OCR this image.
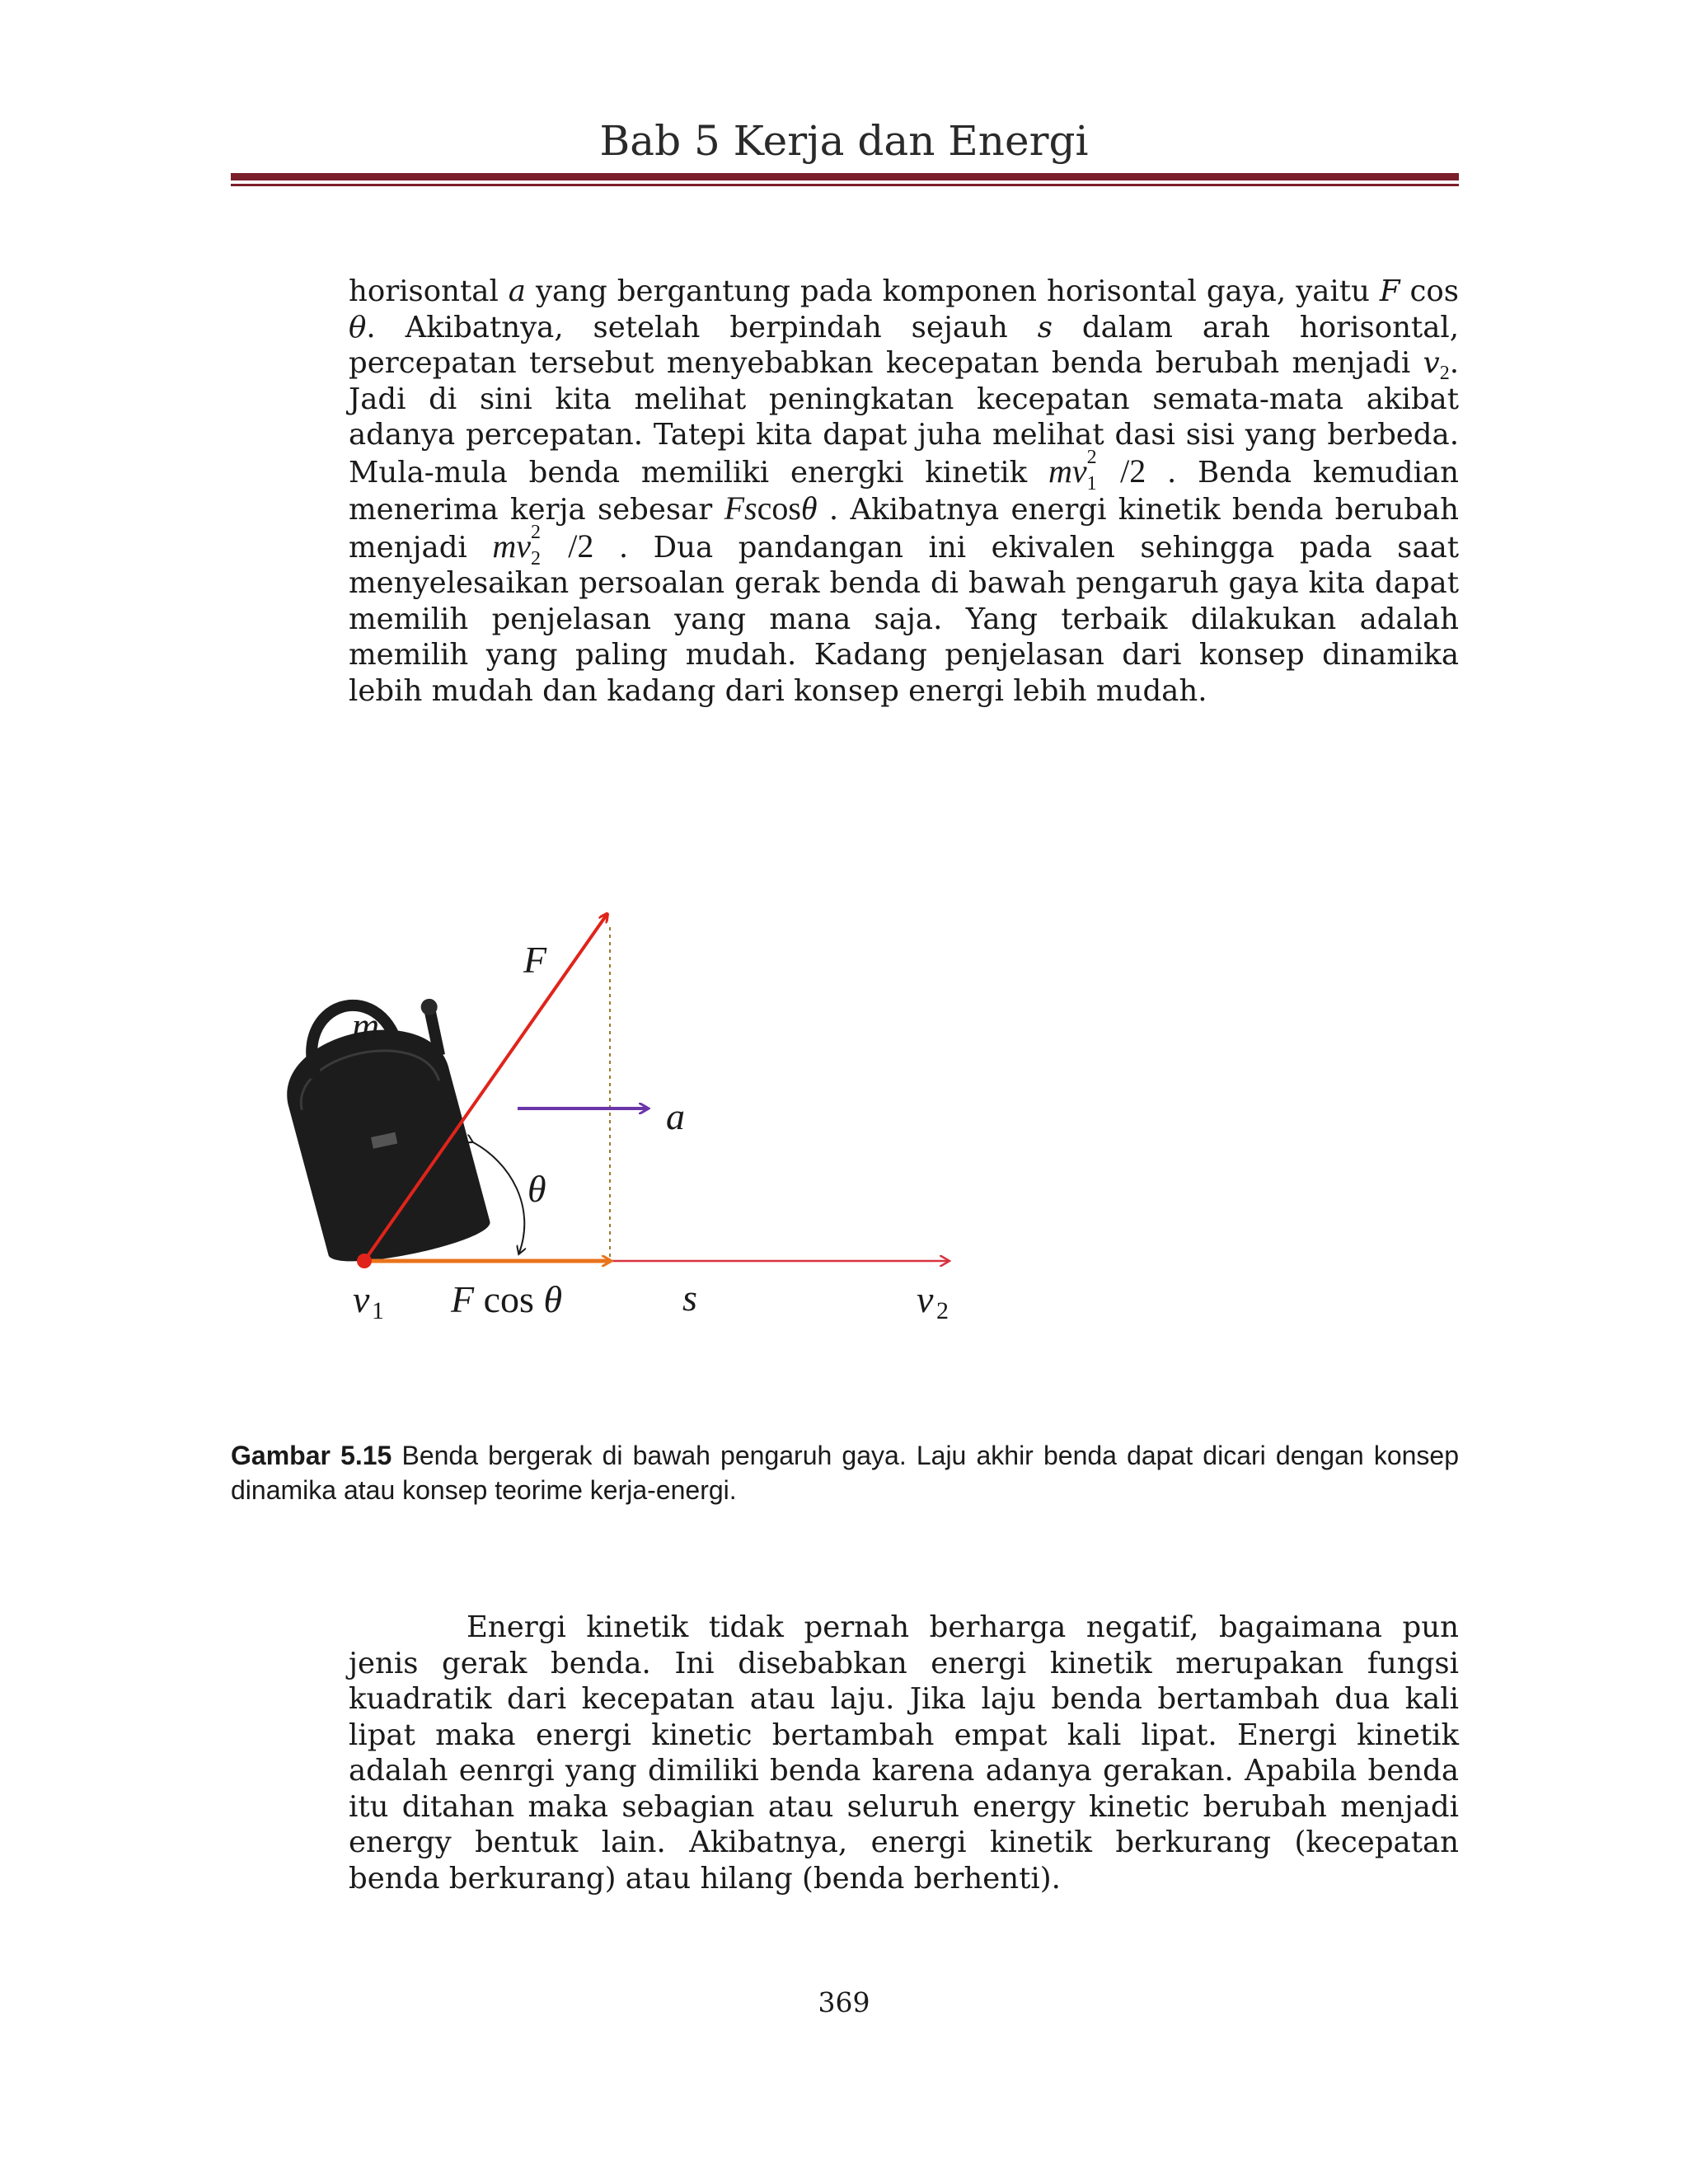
Bab 5 Kerja dan Energi
horisontal a yang bergantung pada komponen horisontal gaya, yaitu F cos θ. Akibatnya, setelah berpindah sejauh s dalam arah horisontal, percepatan tersebut menyebabkan kecepatan benda berubah menjadi $v_2$. Jadi di sini kita melihat peningkatan kecepatan semata-mata akibat adanya percepatan. Tatepi kita dapat juha melihat dasi sisi yang berbeda. Mula-mula benda memiliki energki kinetik mv 2
1 /2 . Benda kemudian menerima kerja sebesar Fscosθ . Akibatnya energi kinetik benda berubah menjadi mv 2
2 /2 . Dua pandangan ini ekivalen sehingga pada saat menyelesaikan persoalan gerak benda di bawah pengaruh gaya kita dapat memilih penjelasan yang mana saja. Yang terbaik dilakukan adalah memilih yang paling mudah. Kadang penjelasan dari konsep dinamika lebih mudah dan kadang dari konsep energi lebih mudah.
F
m
a
θ
v 1 F cos θ	s	v 2
Gambar 5.15 Benda bergerak di bawah pengaruh gaya. Laju akhir benda dapat dicari dengan konsep dinamika atau konsep teorime kerja-energi.
Energi kinetik tidak pernah berharga negatif, bagaimana pun jenis gerak benda. Ini disebabkan energi kinetik merupakan fungsi kuadratik dari kecepatan atau laju. Jika laju benda bertambah dua kali lipat maka energi kinetic bertambah empat kali lipat. Energi kinetik adalah eenrgi yang dimiliki benda karena adanya gerakan. Apabila benda itu ditahan maka sebagian atau seluruh energy kinetic berubah menjadi energy bentuk lain. Akibatnya, energi kinetik berkurang (kecepatan benda berkurang) atau hilang (benda berhenti).
369
